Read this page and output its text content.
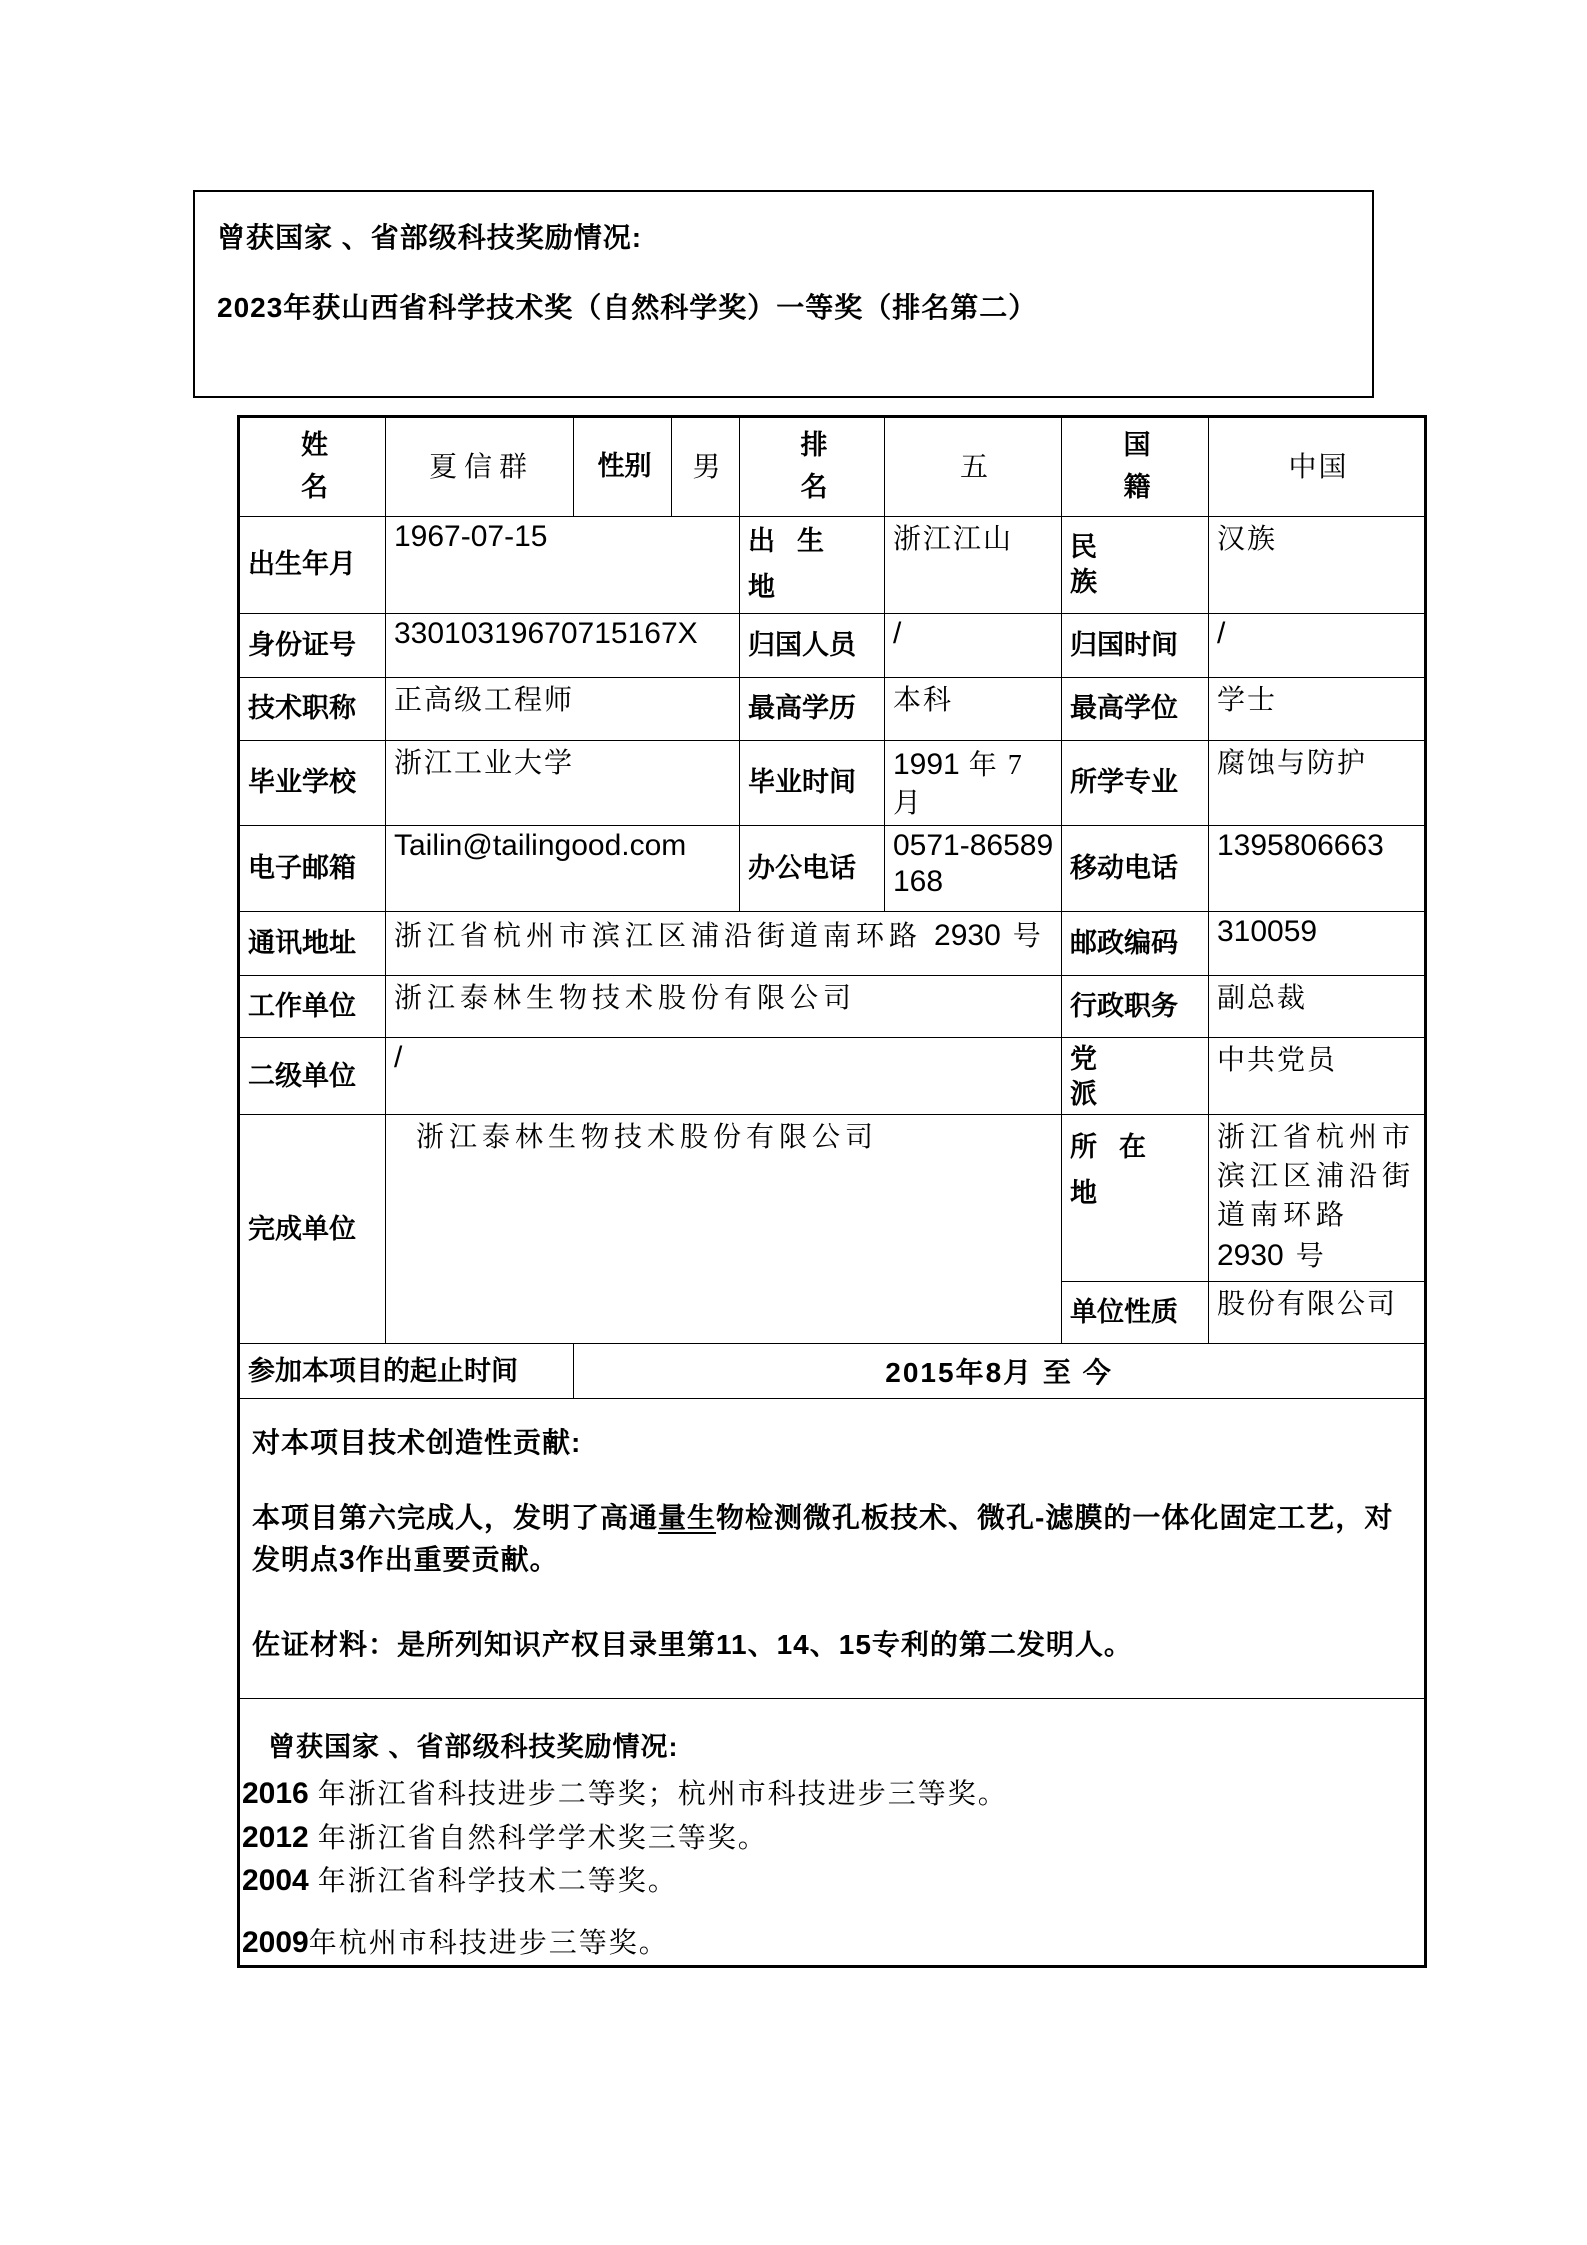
曾获国家 、省部级科技奖励情况:
2023年获山西省科学技术奖（自然科学奖）一等奖（排名第二）
姓名	夏信群	性别	男	排名	五	国籍	中国
出生年月	1967-07-15			出生地	浙江江山	民族	汉族
身份证号	33010319670715167X			归国人员	/	归国时间	/
技术职称	正高级工程师			最高学历	本科	最高学位	学士
毕业学校	浙江工业大学			毕业时间	1991 年 7 月	所学专业	腐蚀与防护
电子邮箱	Tailin@tailingood.com			办公电话	0571-86589168	移动电话	1395806663
通讯地址	浙江省杭州市滨江区浦沿街道南环路 2930 号					邮政编码	310059
工作单位	浙江泰林生物技术股份有限公司					行政职务	副总裁
二级单位	/					党派	中共党员
完成单位	浙江泰林生物技术股份有限公司					所在地	浙江省杭州市滨江区浦沿街道南环路 2930 号
						单位性质	股份有限公司
参加本项目的起止时间		2015年8月 至 今					

对本项目技术创造性贡献:
本项目第六完成人，发明了高通量生物检测微孔板技术、微孔-滤膜的一体化固定工艺，对发明点3作出重要贡献。
佐证材料：是所列知识产权目录里第11、14、15专利的第二发明人。							

曾获国家 、省部级科技奖励情况:
2016 年浙江省科技进步二等奖；杭州市科技进步三等奖。
2012 年浙江省自然科学学术奖三等奖。
2004 年浙江省科学技术二等奖。
2009年杭州市科技进步三等奖。							
